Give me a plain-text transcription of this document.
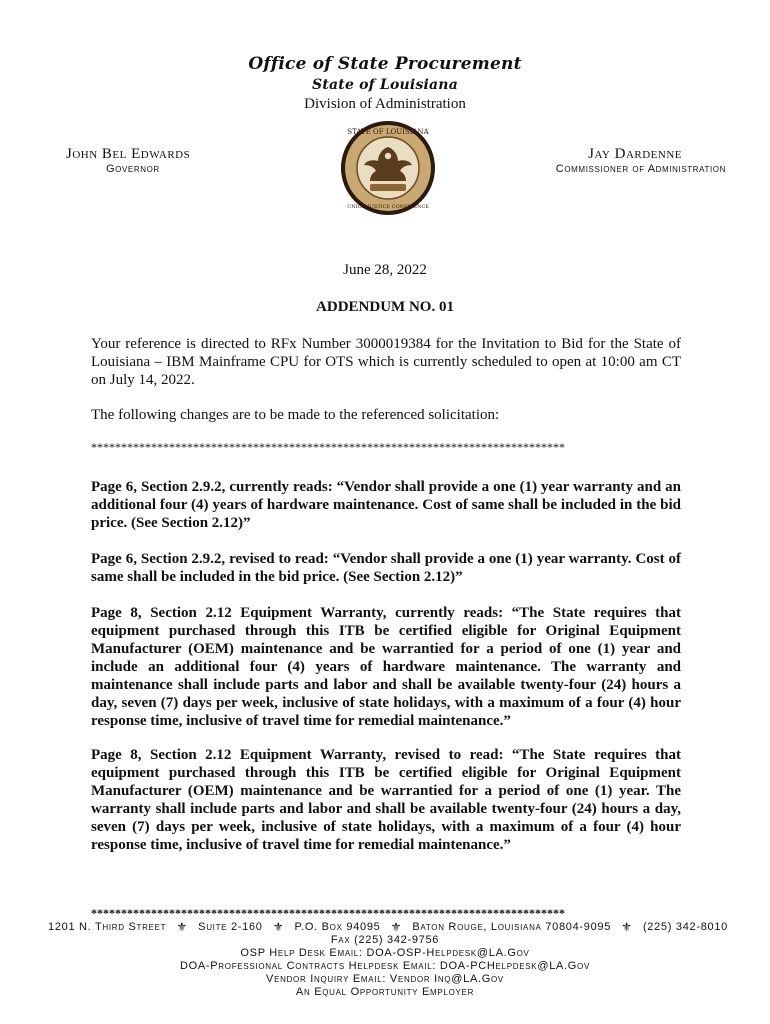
Office of State Procurement
State of Louisiana
Division of Administration
John Bel Edwards
Governor
Jay Dardenne
Commissioner of Administration
STATE OF LOUISIANA
UNION JUSTICE CONFIDENCE
June 28, 2022
ADDENDUM NO. 01
Your reference is directed to RFx Number 3000019384 for the Invitation to Bid for the State of Louisiana – IBM Mainframe CPU for OTS which is currently scheduled to open at 10:00 am CT on July 14, 2022.
The following changes are to be made to the referenced solicitation:
*******************************************************************************
Page 6, Section 2.9.2, currently reads: “Vendor shall provide a one (1) year warranty and an additional four (4) years of hardware maintenance. Cost of same shall be included in the bid price. (See Section 2.12)”
Page 6, Section 2.9.2, revised to read: “Vendor shall provide a one (1) year warranty. Cost of same shall be included in the bid price. (See Section 2.12)”
Page 8, Section 2.12 Equipment Warranty, currently reads: “The State requires that equipment purchased through this ITB be certified eligible for Original Equipment Manufacturer (OEM) maintenance and be warrantied for a period of one (1) year and include an additional four (4) years of hardware maintenance. The warranty and maintenance shall include parts and labor and shall be available twenty-four (24) hours a day, seven (7) days per week, inclusive of state holidays, with a maximum of a four (4) hour response time, inclusive of travel time for remedial maintenance.”
Page 8, Section 2.12 Equipment Warranty, revised to read: “The State requires that equipment purchased through this ITB be certified eligible for Original Equipment Manufacturer (OEM) maintenance and be warrantied for a period of one (1) year. The warranty shall include parts and labor and shall be available twenty-four (24) hours a day, seven (7) days per week, inclusive of state holidays, with a maximum of a four (4) hour response time, inclusive of travel time for remedial maintenance.”
*******************************************************************************
1201 N. Third Street ⚜ Suite 2-160 ⚜ P.O. Box 94095 ⚜ Baton Rouge, Louisiana 70804-9095 ⚜ (225) 342-8010
Fax (225) 342-9756
OSP Help Desk Email: DOA-OSP-Helpdesk@LA.Gov
DOA-Professional Contracts Helpdesk Email: DOA-PCHelpdesk@LA.Gov
Vendor Inquiry Email: Vendor Inq@LA.Gov
An Equal Opportunity Employer
